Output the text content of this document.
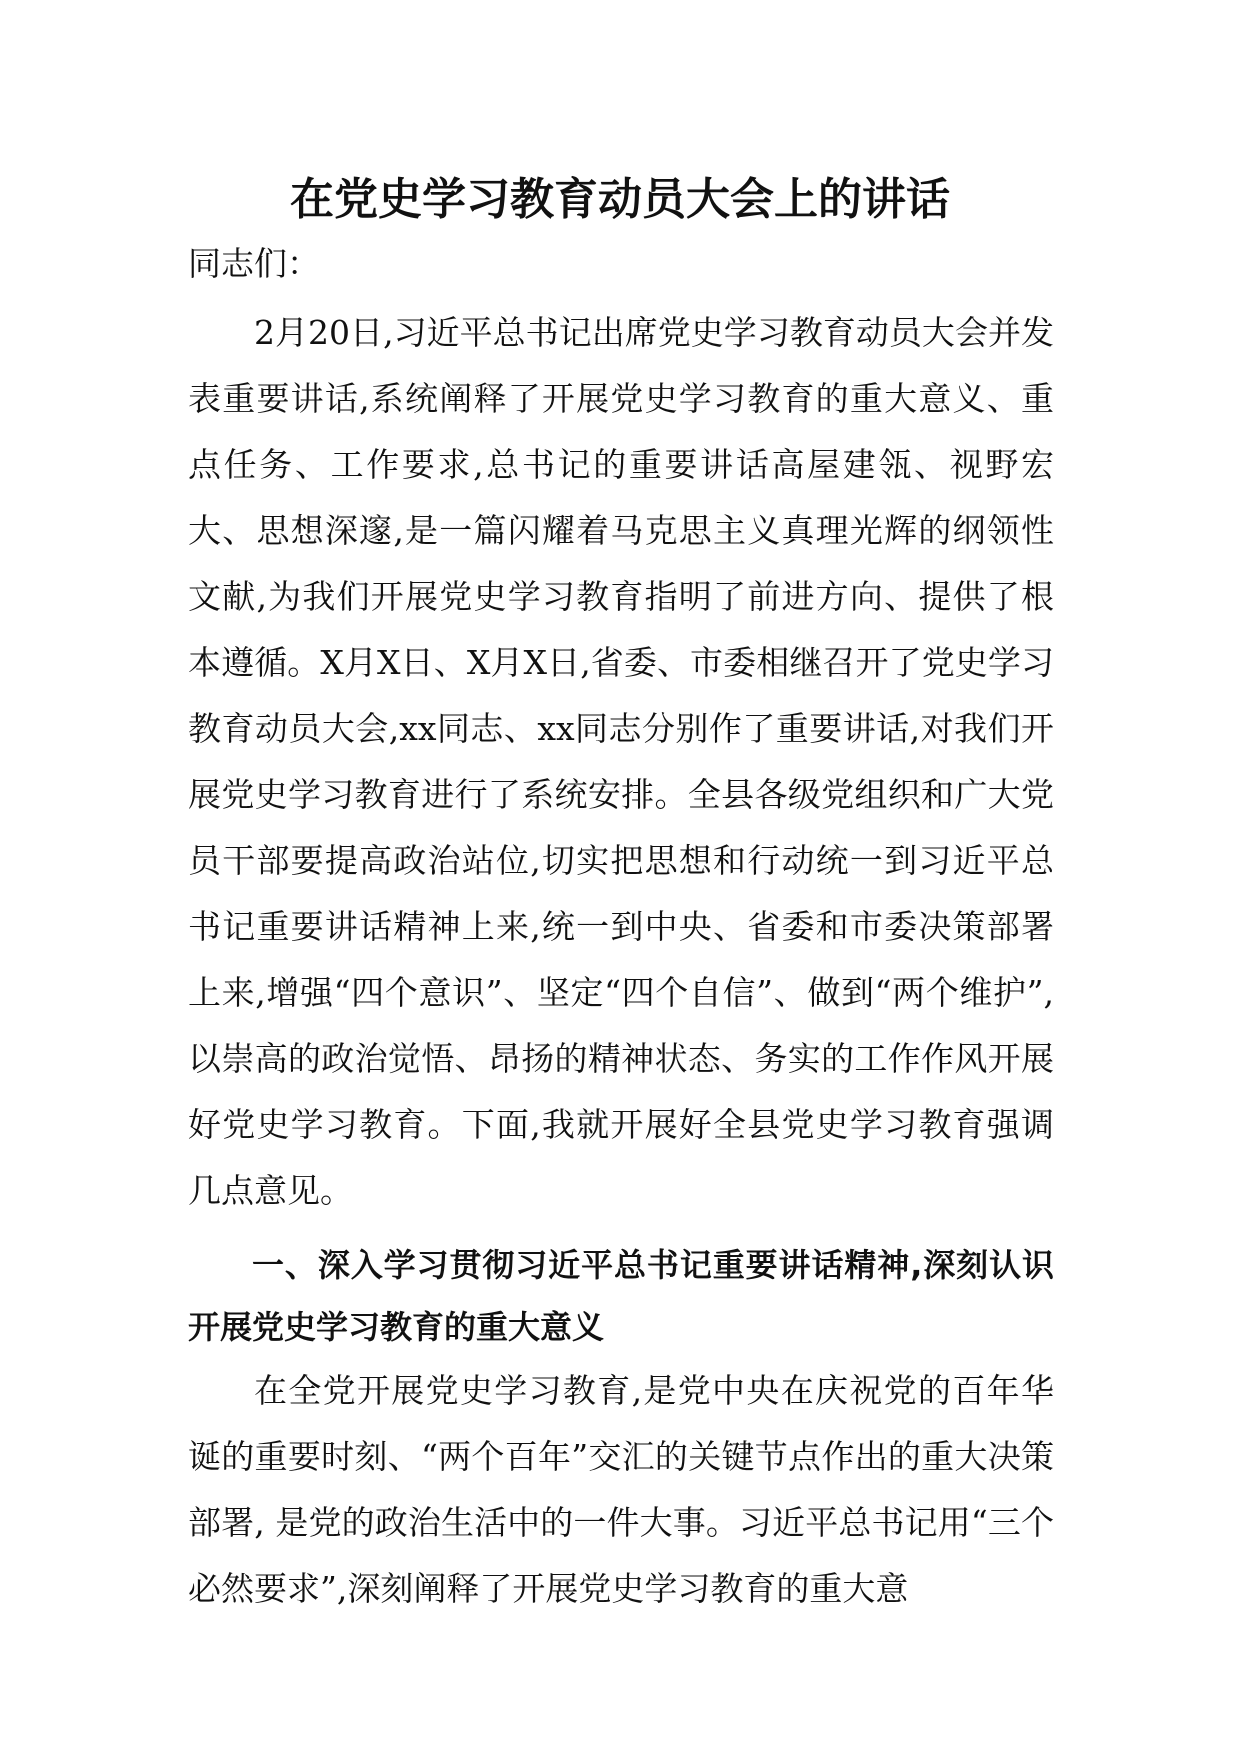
在党史学习教育动员大会上的讲话

同志们：

2月20日,习近平总书记出席党史学习教育动员大会并发表重要讲话,系统阐释了开展党史学习教育的重大意义、重点任务、工作要求,总书记的重要讲话高屋建瓴、视野宏大、思想深邃,是一篇闪耀着马克思主义真理光辉的纲领性文献,为我们开展党史学习教育指明了前进方向、提供了根本遵循。X月X日、X月X日,省委、市委相继召开了党史学习教育动员大会,xx同志、xx同志分别作了重要讲话,对我们开展党史学习教育进行了系统安排。全县各级党组织和广大党员干部要提高政治站位,切实把思想和行动统一到习近平总书记重要讲话精神上来,统一到中央、省委和市委决策部署上来,增强“四个意识”、坚定“四个自信”、做到“两个维护”,以崇高的政治觉悟、昂扬的精神状态、务实的工作作风开展好党史学习教育。下面,我就开展好全县党史学习教育强调几点意见。

一、深入学习贯彻习近平总书记重要讲话精神,深刻认识开展党史学习教育的重大意义

在全党开展党史学习教育,是党中央在庆祝党的百年华诞的重要时刻、“两个百年”交汇的关键节点作出的重大决策部署, 是党的政治生活中的一件大事。习近平总书记用“三个必然要求”,深刻阐释了开展党史学习教育的重大意
